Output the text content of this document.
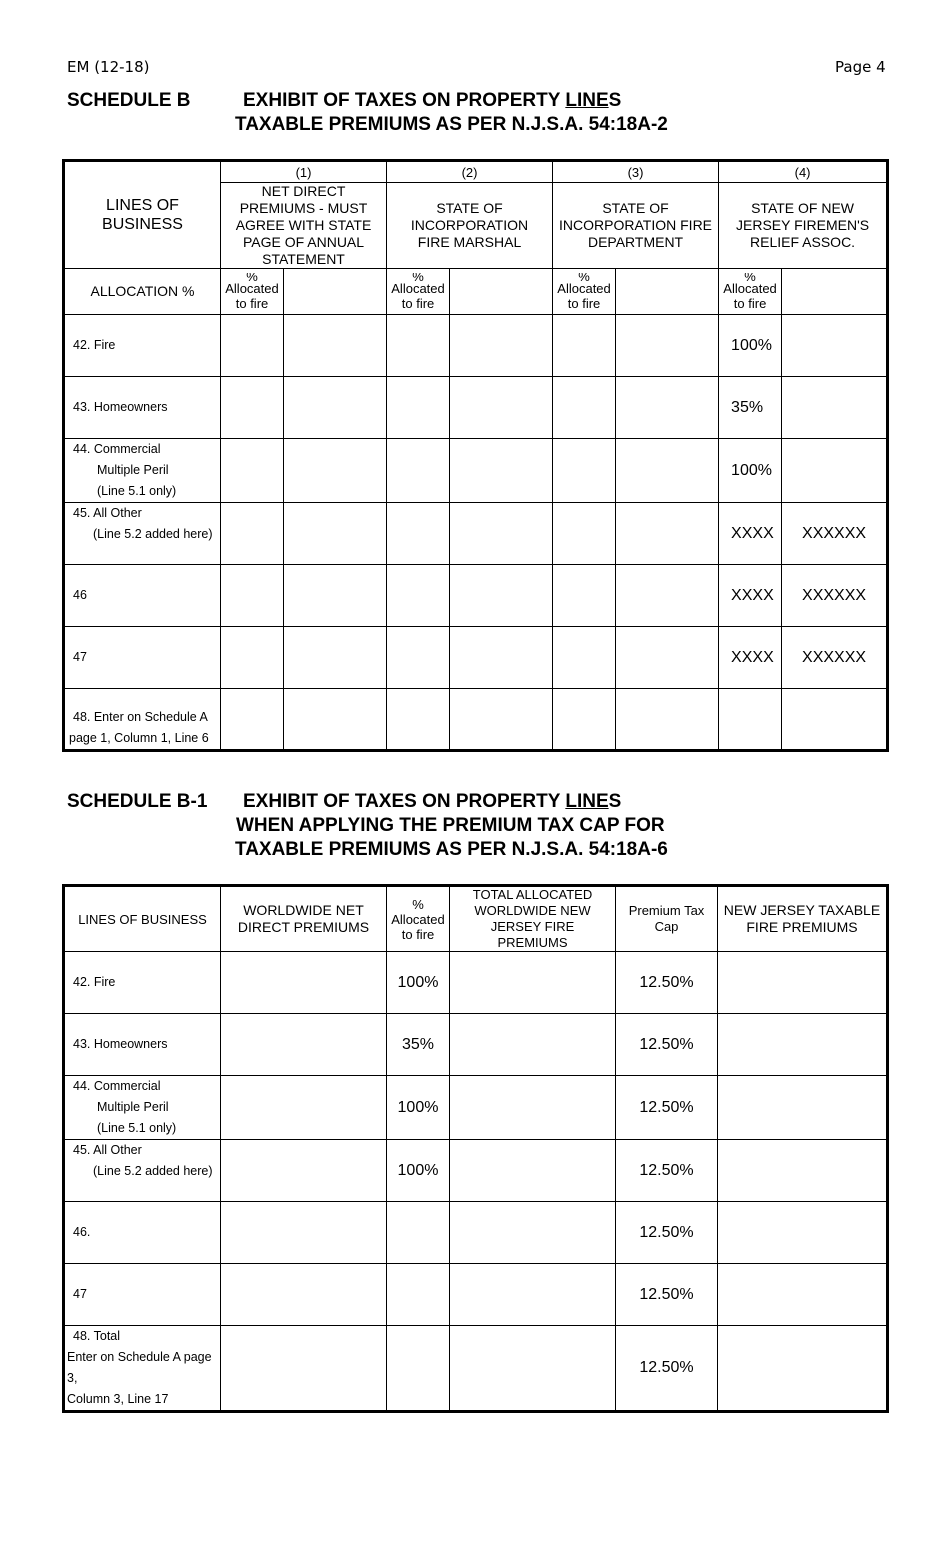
EM (12-18)	Page 4
SCHEDULE B	EXHIBIT OF TAXES ON PROPERTY LINES
TAXABLE PREMIUMS AS PER N.J.S.A. 54:18A-2
LINES OF BUSINESS	(1)		(2)		(3)		(4)	
	NET DIRECT PREMIUMS - MUST AGREE WITH STATE PAGE OF ANNUAL STATEMENT		STATE OF INCORPORATION FIRE MARSHAL		STATE OF INCORPORATION FIRE DEPARTMENT		STATE OF NEW JERSEY FIREMEN'S RELIEF ASSOC.	
ALLOCATION %	%
Allocated
to fire		%
Allocated
to fire		%
Allocated
to fire		%
Allocated
to fire	

42. Fire							100%	
43. Homeowners							35%	
44. Commercial
Multiple Peril
(Line 5.1 only)							100%	
45. All Other
(Line 5.2 added here)							XXXX	XXXXXX
46							XXXX	XXXXXX
47							XXXX	XXXXXX
48. Enter on Schedule A
page 1, Column 1, Line 6								

SCHEDULE B-1 EXHIBIT OF TAXES ON PROPERTY LINES
WHEN APPLYING THE PREMIUM TAX CAP FOR
TAXABLE PREMIUMS AS PER N.J.S.A. 54:18A-6
LINES OF BUSINESS	WORLDWIDE NET DIRECT PREMIUMS	%
Allocated
to fire	TOTAL ALLOCATED WORLDWIDE NEW JERSEY FIRE PREMIUMS	Premium Tax Cap	NEW JERSEY TAXABLE FIRE PREMIUMS
42. Fire		100%		12.50%	
43. Homeowners		35%		12.50%	
44. Commercial
Multiple Peril
(Line 5.1 only)		100%		12.50%	
45. All Other
(Line 5.2 added here)		100%		12.50%	
46.				12.50%	
47				12.50%	
48. Total
Enter on Schedule A page 3,
Column 3, Line 17				12.50%	
